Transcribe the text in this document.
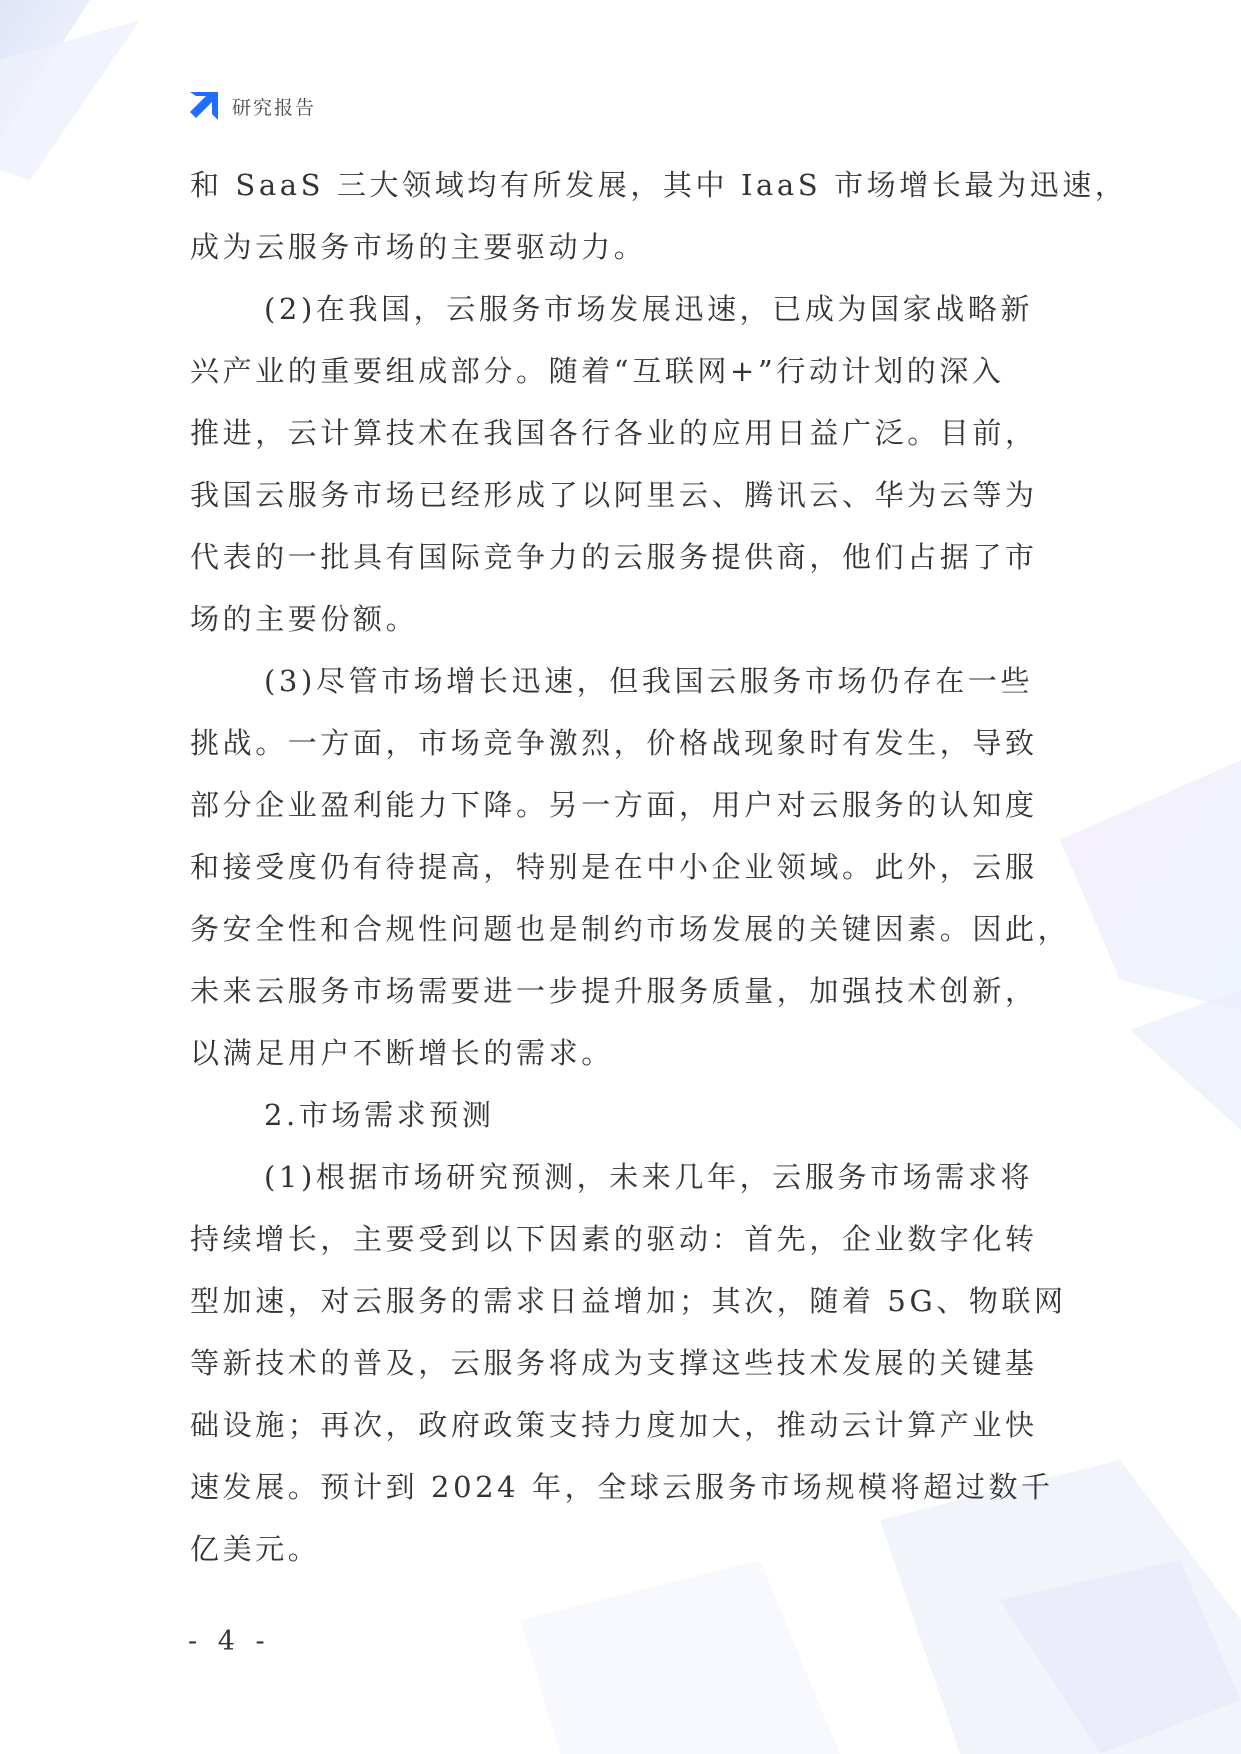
研究报告
和 SaaS 三大领域均有所发展，其中 IaaS 市场增长最为迅速，
成为云服务市场的主要驱动力。
(2)在我国，云服务市场发展迅速，已成为国家战略新
兴产业的重要组成部分。随着“互联网+”行动计划的深入
推进，云计算技术在我国各行各业的应用日益广泛。目前，
我国云服务市场已经形成了以阿里云、腾讯云、华为云等为
代表的一批具有国际竞争力的云服务提供商，他们占据了市
场的主要份额。
(3)尽管市场增长迅速，但我国云服务市场仍存在一些
挑战。一方面，市场竞争激烈，价格战现象时有发生，导致
部分企业盈利能力下降。另一方面，用户对云服务的认知度
和接受度仍有待提高，特别是在中小企业领域。此外，云服
务安全性和合规性问题也是制约市场发展的关键因素。因此，
未来云服务市场需要进一步提升服务质量，加强技术创新，
以满足用户不断增长的需求。
2.市场需求预测
(1)根据市场研究预测，未来几年，云服务市场需求将
持续增长，主要受到以下因素的驱动：首先，企业数字化转
型加速，对云服务的需求日益增加；其次，随着 5G、物联网
等新技术的普及，云服务将成为支撑这些技术发展的关键基
础设施；再次，政府政策支持力度加大，推动云计算产业快
速发展。预计到 2024 年，全球云服务市场规模将超过数千
亿美元。
- 4 -
